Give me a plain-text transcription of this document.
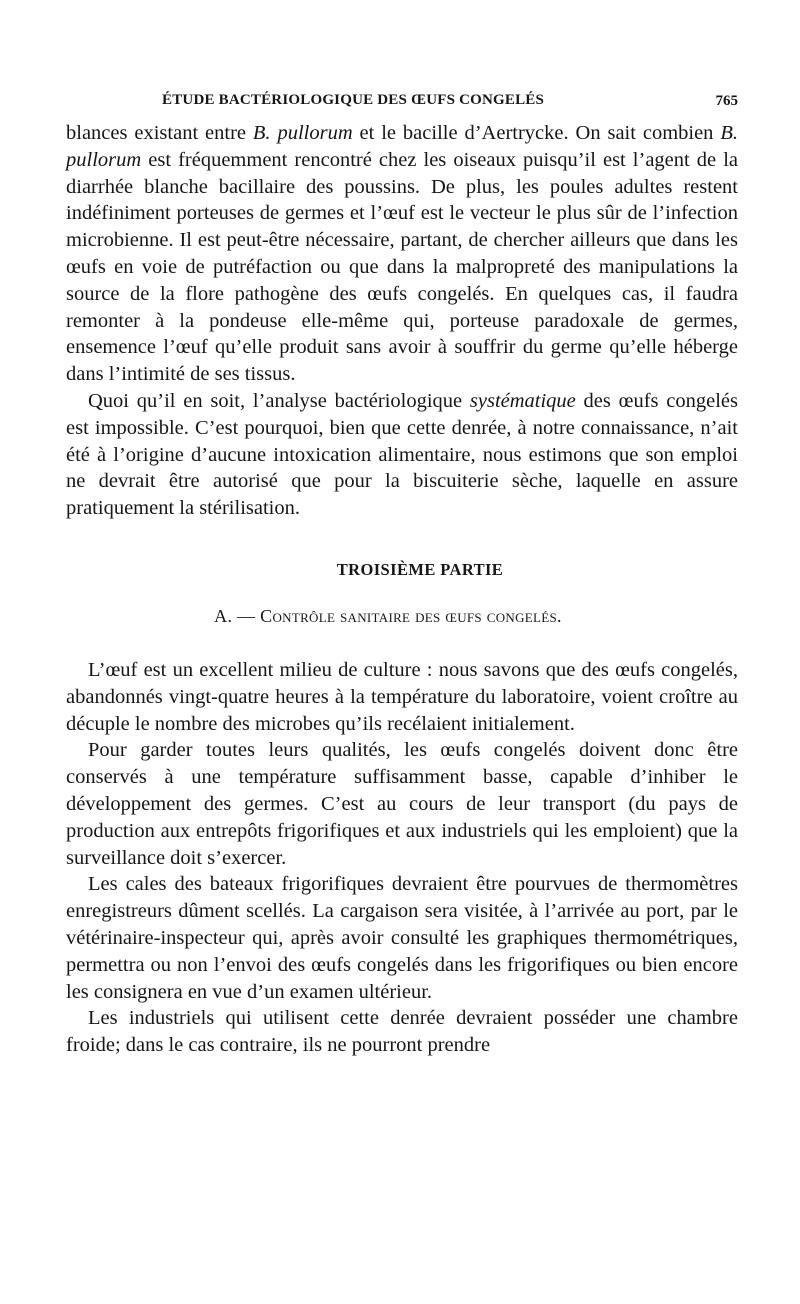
ÉTUDE BACTÉRIOLOGIQUE DES ŒUFS CONGELÉS	765

blances existant entre B. pullorum et le bacille d’Aertrycke. On sait combien B. pullorum est fréquemment rencontré chez les oiseaux puisqu’il est l’agent de la diarrhée blanche bacillaire des poussins. De plus, les poules adultes restent indéfiniment porteuses de germes et l’œuf est le vecteur le plus sûr de l’infection microbienne. Il est peut-être nécessaire, partant, de chercher ailleurs que dans les œufs en voie de putréfaction ou que dans la malpropreté des manipulations la source de la flore pathogène des œufs congelés. En quelques cas, il faudra remonter à la pondeuse elle-même qui, porteuse paradoxale de germes, ensemence l’œuf qu’elle produit sans avoir à souffrir du germe qu’elle héberge dans l’intimité de ses tissus.

Quoi qu’il en soit, l’analyse bactériologique systématique des œufs congelés est impossible. C’est pourquoi, bien que cette denrée, à notre connaissance, n’ait été à l’origine d’aucune intoxication alimentaire, nous estimons que son emploi ne devrait être autorisé que pour la biscuiterie sèche, laquelle en assure pratiquement la stérilisation.

TROISIÈME PARTIE
A. — Contrôle sanitaire des œufs congelés.

L’œuf est un excellent milieu de culture : nous savons que des œufs congelés, abandonnés vingt-quatre heures à la température du laboratoire, voient croître au décuple le nombre des microbes qu’ils recélaient initialement.

Pour garder toutes leurs qualités, les œufs congelés doivent donc être conservés à une température suffisamment basse, capable d’inhiber le développement des germes. C’est au cours de leur transport (du pays de production aux entrepôts frigorifiques et aux industriels qui les emploient) que la surveillance doit s’exercer.

Les cales des bateaux frigorifiques devraient être pourvues de thermomètres enregistreurs dûment scellés. La cargaison sera visitée, à l’arrivée au port, par le vétérinaire-inspecteur qui, après avoir consulté les graphiques thermométriques, permettra ou non l’envoi des œufs congelés dans les frigorifiques ou bien encore les consignera en vue d’un examen ultérieur.

Les industriels qui utilisent cette denrée devraient posséder une chambre froide; dans le cas contraire, ils ne pourront prendre
